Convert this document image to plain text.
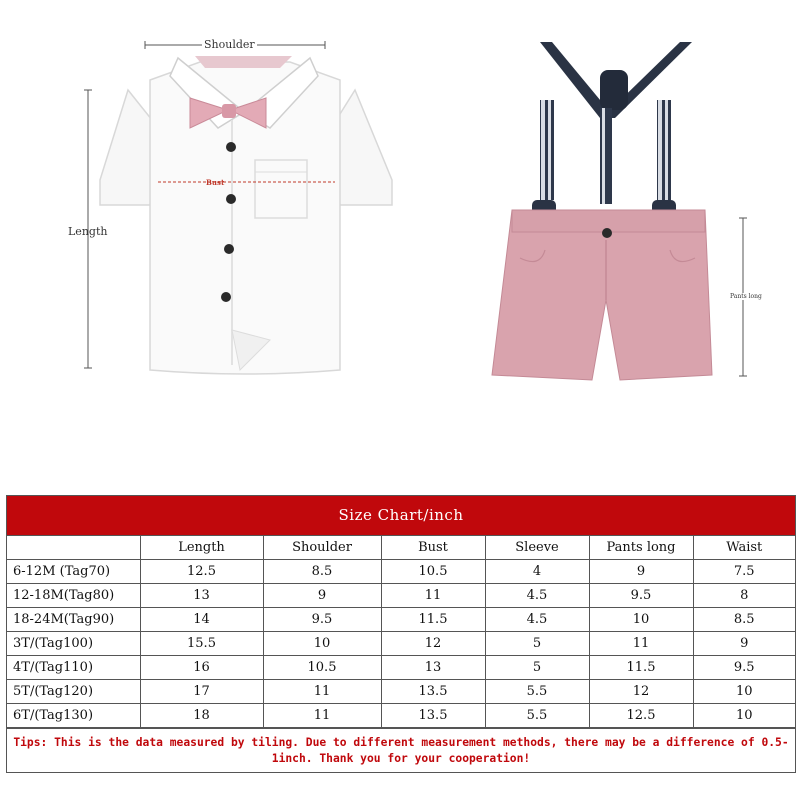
Shoulder
Length
Bust
Pants long
Size Chart/inch
	Length	Shoulder	Bust	Sleeve	Pants long	Waist
6-12M (Tag70)	12.5	8.5	10.5	4	9	7.5
12-18M(Tag80)	13	9	11	4.5	9.5	8
18-24M(Tag90)	14	9.5	11.5	4.5	10	8.5
3T/(Tag100)	15.5	10	12	5	11	9
4T/(Tag110)	16	10.5	13	5	11.5	9.5
5T/(Tag120)	17	11	13.5	5.5	12	10
6T/(Tag130)	18	11	13.5	5.5	12.5	10
Tips: This is the data measured by tiling. Due to different measurement methods, there may be a difference of 0.5-1inch. Thank you for your cooperation!
